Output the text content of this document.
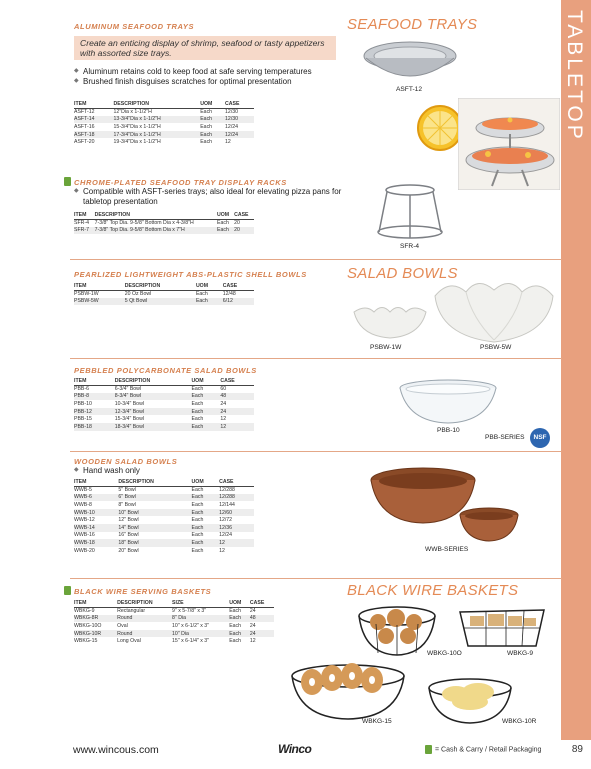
TABLETOP
ALUMINUM SEAFOOD TRAYS	SEAFOOD TRAYS
Create an enticing display of shrimp, seafood or tasty appetizers with assorted size trays.
◆ Aluminum retains cold to keep food at safe serving temperatures
◆ Brushed finish disguises scratches for optimal presentation
ITEM	DESCRIPTION	UOM	CASE
ASFT-12	12"Dia x 1-1/2"H	Each	12/30
ASFT-14	13-3/4"Dia x 1-1/2"H	Each	12/30
ASFT-16	15-3/4"Dia x 1-1/2"H	Each	12/24
ASFT-18	17-3/4"Dia x 1-1/2"H	Each	12/24
ASFT-20	19-3/4"Dia x 1-1/2"H	Each	12
ASFT-12
CHROME-PLATED SEAFOOD TRAY DISPLAY RACKS
◆ Compatible with ASFT-series trays; also ideal for elevating pizza pans for tabletop presentation
ITEM	DESCRIPTION	UOM	CASE
SFR-4	7-3/8" Top Dia. 9-5/8" Bottom Dia x 4-3/8"H	Each	20
SFR-7	7-3/8" Top Dia. 9-5/8" Bottom Dia x 7"H	Each	20
SFR-4
PEARLIZED LIGHTWEIGHT ABS-PLASTIC SHELL BOWLS	SALAD BOWLS
ITEM	DESCRIPTION	UOM	CASE
PSBW-1W	20 Oz Bowl	Each	12/48
PSBW-5W	5 Qt Bowl	Each	6/12
PSBW-1W	PSBW-5W
PEBBLED POLYCARBONATE SALAD BOWLS
ITEM	DESCRIPTION	UOM	CASE
PBB-6	6-3/4" Bowl	Each	60
PBB-8	8-3/4" Bowl	Each	48
PBB-10	10-3/4" Bowl	Each	24
PBB-12	12-3/4" Bowl	Each	24
PBB-15	15-3/4" Bowl	Each	12
PBB-18	18-3/4" Bowl	Each	12
PBB-10
PBB-SERIES	NSF
WOODEN SALAD BOWLS
◆ Hand wash only
ITEM	DESCRIPTION	UOM	CASE
WWB-5	5" Bowl	Each	12/288
WWB-6	6" Bowl	Each	12/288
WWB-8	8" Bowl	Each	12/144
WWB-10	10" Bowl	Each	12/60
WWB-12	12" Bowl	Each	12/72
WWB-14	14" Bowl	Each	12/36
WWB-16	16" Bowl	Each	12/24
WWB-18	18" Bowl	Each	12
WWB-20	20" Bowl	Each	12	WWB-SERIES
BLACK WIRE SERVING BASKETS	BLACK WIRE BASKETS
ITEM	DESCRIPTION	SIZE	UOM	CASE
WBKG-9	Rectangular	9" x 5-7/8" x 3"	Each	24
WBKG-8R	Round	8" Dia	Each	48
WBKG-10O	Oval	10" x 6-1/2" x 3"	Each	24
WBKG-10R	Round	10" Dia	Each	24
WBKG-15	Long Oval	15" x 6-1/4" x 3"	Each	12
WBKG-10O	WBKG-9
WBKG-15	WBKG-10R
www.wincous.com	Winco	= Cash & Carry / Retail Packaging	89
